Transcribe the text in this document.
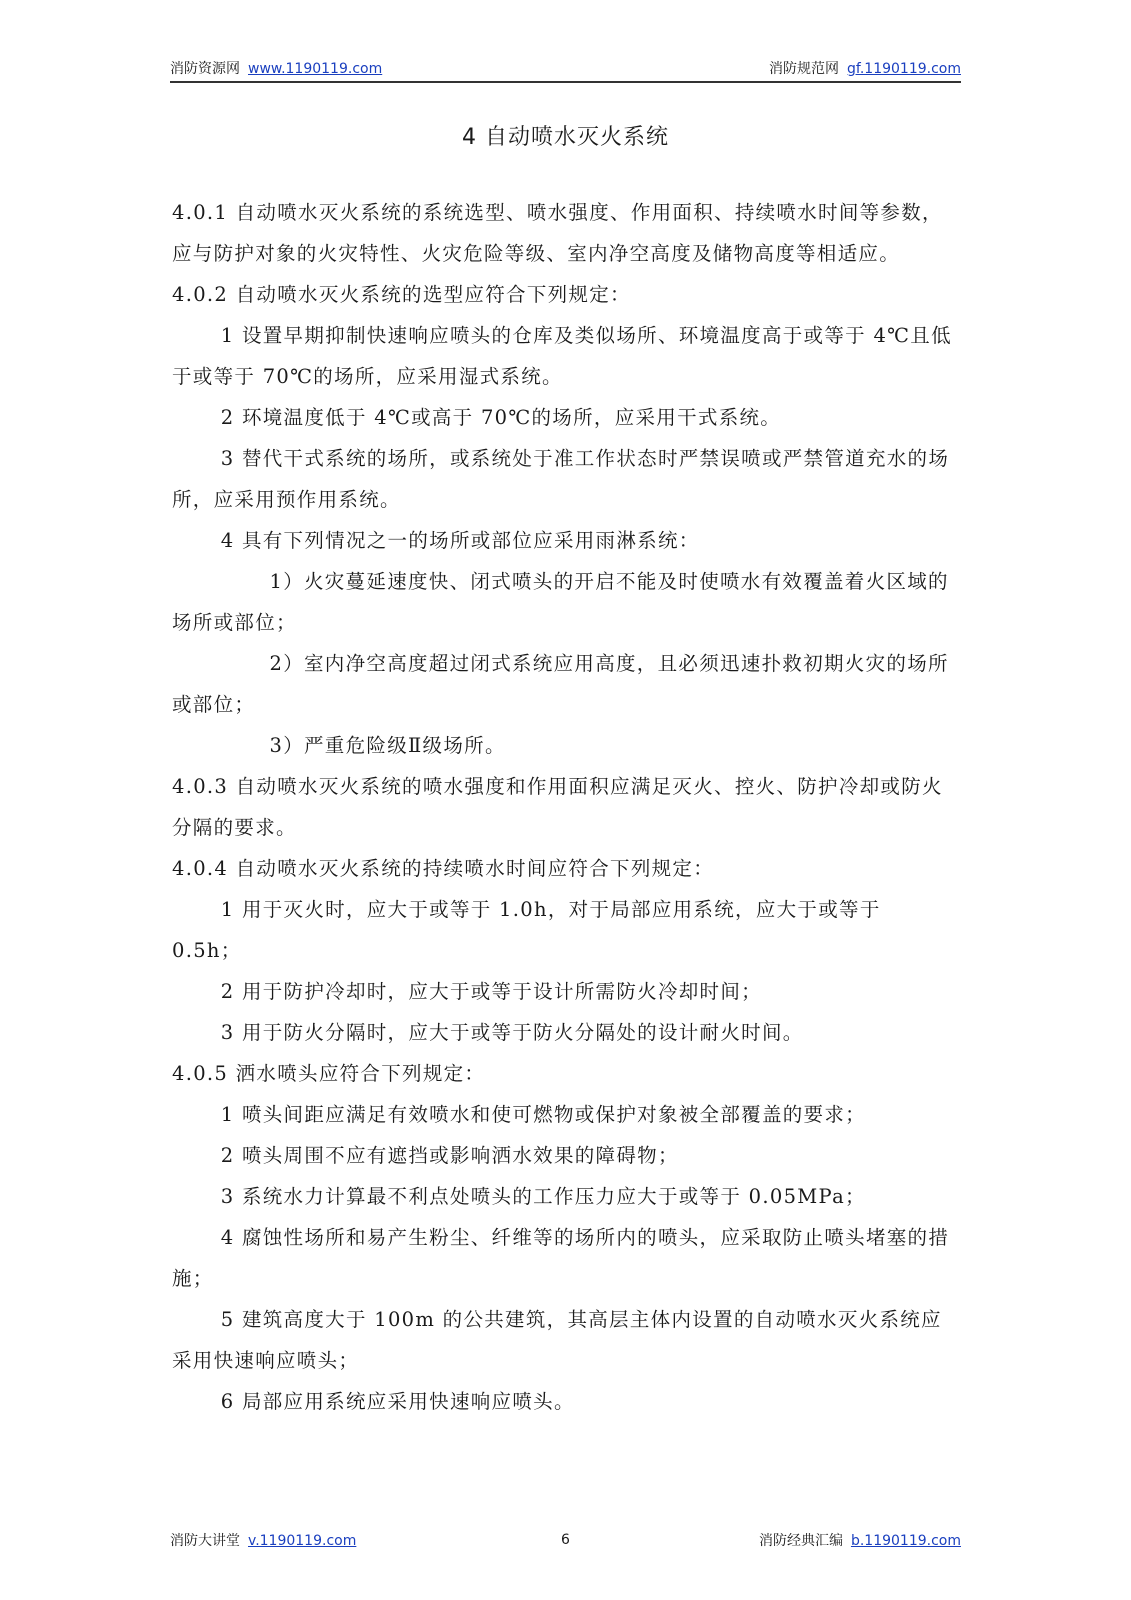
消防资源网 www.1190119.com	消防规范网 gf.1190119.com
4 自动喷水灭火系统

4.0.1 自动喷水灭火系统的系统选型、喷水强度、作用面积、持续喷水时间等参数，应与防护对象的火灾特性、火灾危险等级、室内净空高度及储物高度等相适应。

4.0.2 自动喷水灭火系统的选型应符合下列规定：

1 设置早期抑制快速响应喷头的仓库及类似场所、环境温度高于或等于 4℃且低于或等于 70℃的场所，应采用湿式系统。

2 环境温度低于 4℃或高于 70℃的场所，应采用干式系统。

3 替代干式系统的场所，或系统处于准工作状态时严禁误喷或严禁管道充水的场所，应采用预作用系统。

4 具有下列情况之一的场所或部位应采用雨淋系统：

1）火灾蔓延速度快、闭式喷头的开启不能及时使喷水有效覆盖着火区域的场所或部位；

2）室内净空高度超过闭式系统应用高度，且必须迅速扑救初期火灾的场所或部位；

3）严重危险级Ⅱ级场所。

4.0.3 自动喷水灭火系统的喷水强度和作用面积应满足灭火、控火、防护冷却或防火分隔的要求。

4.0.4 自动喷水灭火系统的持续喷水时间应符合下列规定：

1 用于灭火时，应大于或等于 1.0h，对于局部应用系统，应大于或等于 0.5h；

2 用于防护冷却时，应大于或等于设计所需防火冷却时间；

3 用于防火分隔时，应大于或等于防火分隔处的设计耐火时间。

4.0.5 洒水喷头应符合下列规定：

1 喷头间距应满足有效喷水和使可燃物或保护对象被全部覆盖的要求；

2 喷头周围不应有遮挡或影响洒水效果的障碍物；

3 系统水力计算最不利点处喷头的工作压力应大于或等于 0.05MPa；

4 腐蚀性场所和易产生粉尘、纤维等的场所内的喷头，应采取防止喷头堵塞的措施；

5 建筑高度大于 100m 的公共建筑，其高层主体内设置的自动喷水灭火系统应采用快速响应喷头；

6 局部应用系统应采用快速响应喷头。

消防大讲堂 v.1190119.com	6	消防经典汇编 b.1190119.com
